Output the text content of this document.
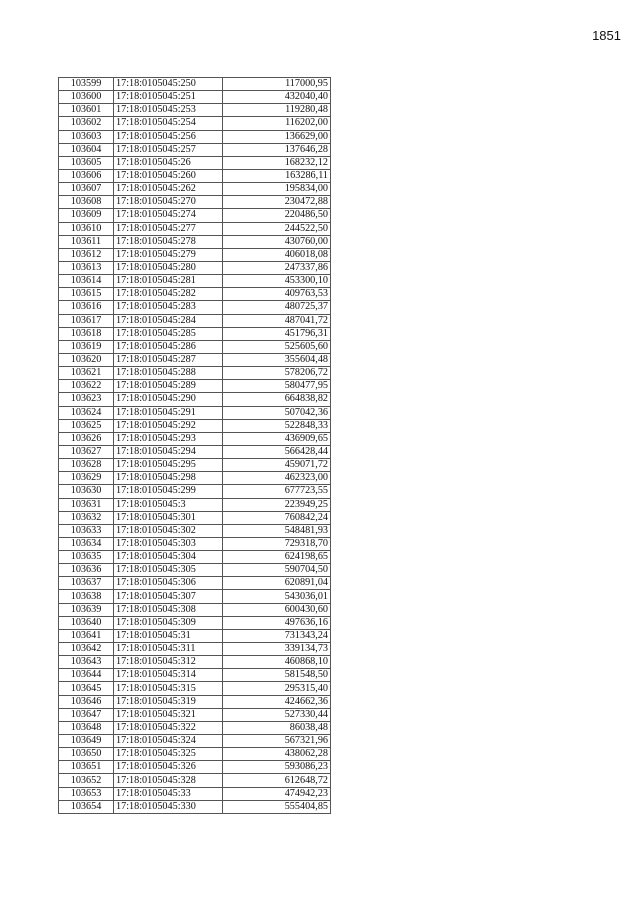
1851
103599	17:18:0105045:250	117000,95
103600	17:18:0105045:251	432040,40
103601	17:18:0105045:253	119280,48
103602	17:18:0105045:254	116202,00
103603	17:18:0105045:256	136629,00
103604	17:18:0105045:257	137646,28
103605	17:18:0105045:26	168232,12
103606	17:18:0105045:260	163286,11
103607	17:18:0105045:262	195834,00
103608	17:18:0105045:270	230472,88
103609	17:18:0105045:274	220486,50
103610	17:18:0105045:277	244522,50
103611	17:18:0105045:278	430760,00
103612	17:18:0105045:279	406018,08
103613	17:18:0105045:280	247337,86
103614	17:18:0105045:281	453300,10
103615	17:18:0105045:282	409763,53
103616	17:18:0105045:283	480725,37
103617	17:18:0105045:284	487041,72
103618	17:18:0105045:285	451796,31
103619	17:18:0105045:286	525605,60
103620	17:18:0105045:287	355604,48
103621	17:18:0105045:288	578206,72
103622	17:18:0105045:289	580477,95
103623	17:18:0105045:290	664838,82
103624	17:18:0105045:291	507042,36
103625	17:18:0105045:292	522848,33
103626	17:18:0105045:293	436909,65
103627	17:18:0105045:294	566428,44
103628	17:18:0105045:295	459071,72
103629	17:18:0105045:298	462323,00
103630	17:18:0105045:299	677723,55
103631	17:18:0105045:3	223949,25
103632	17:18:0105045:301	760842,24
103633	17:18:0105045:302	548481,93
103634	17:18:0105045:303	729318,70
103635	17:18:0105045:304	624198,65
103636	17:18:0105045:305	590704,50
103637	17:18:0105045:306	620891,04
103638	17:18:0105045:307	543036,01
103639	17:18:0105045:308	600430,60
103640	17:18:0105045:309	497636,16
103641	17:18:0105045:31	731343,24
103642	17:18:0105045:311	339134,73
103643	17:18:0105045:312	460868,10
103644	17:18:0105045:314	581548,50
103645	17:18:0105045:315	295315,40
103646	17:18:0105045:319	424662,36
103647	17:18:0105045:321	527330,44
103648	17:18:0105045:322	86038,48
103649	17:18:0105045:324	567321,96
103650	17:18:0105045:325	438062,28
103651	17:18:0105045:326	593086,23
103652	17:18:0105045:328	612648,72
103653	17:18:0105045:33	474942,23
103654	17:18:0105045:330	555404,85
